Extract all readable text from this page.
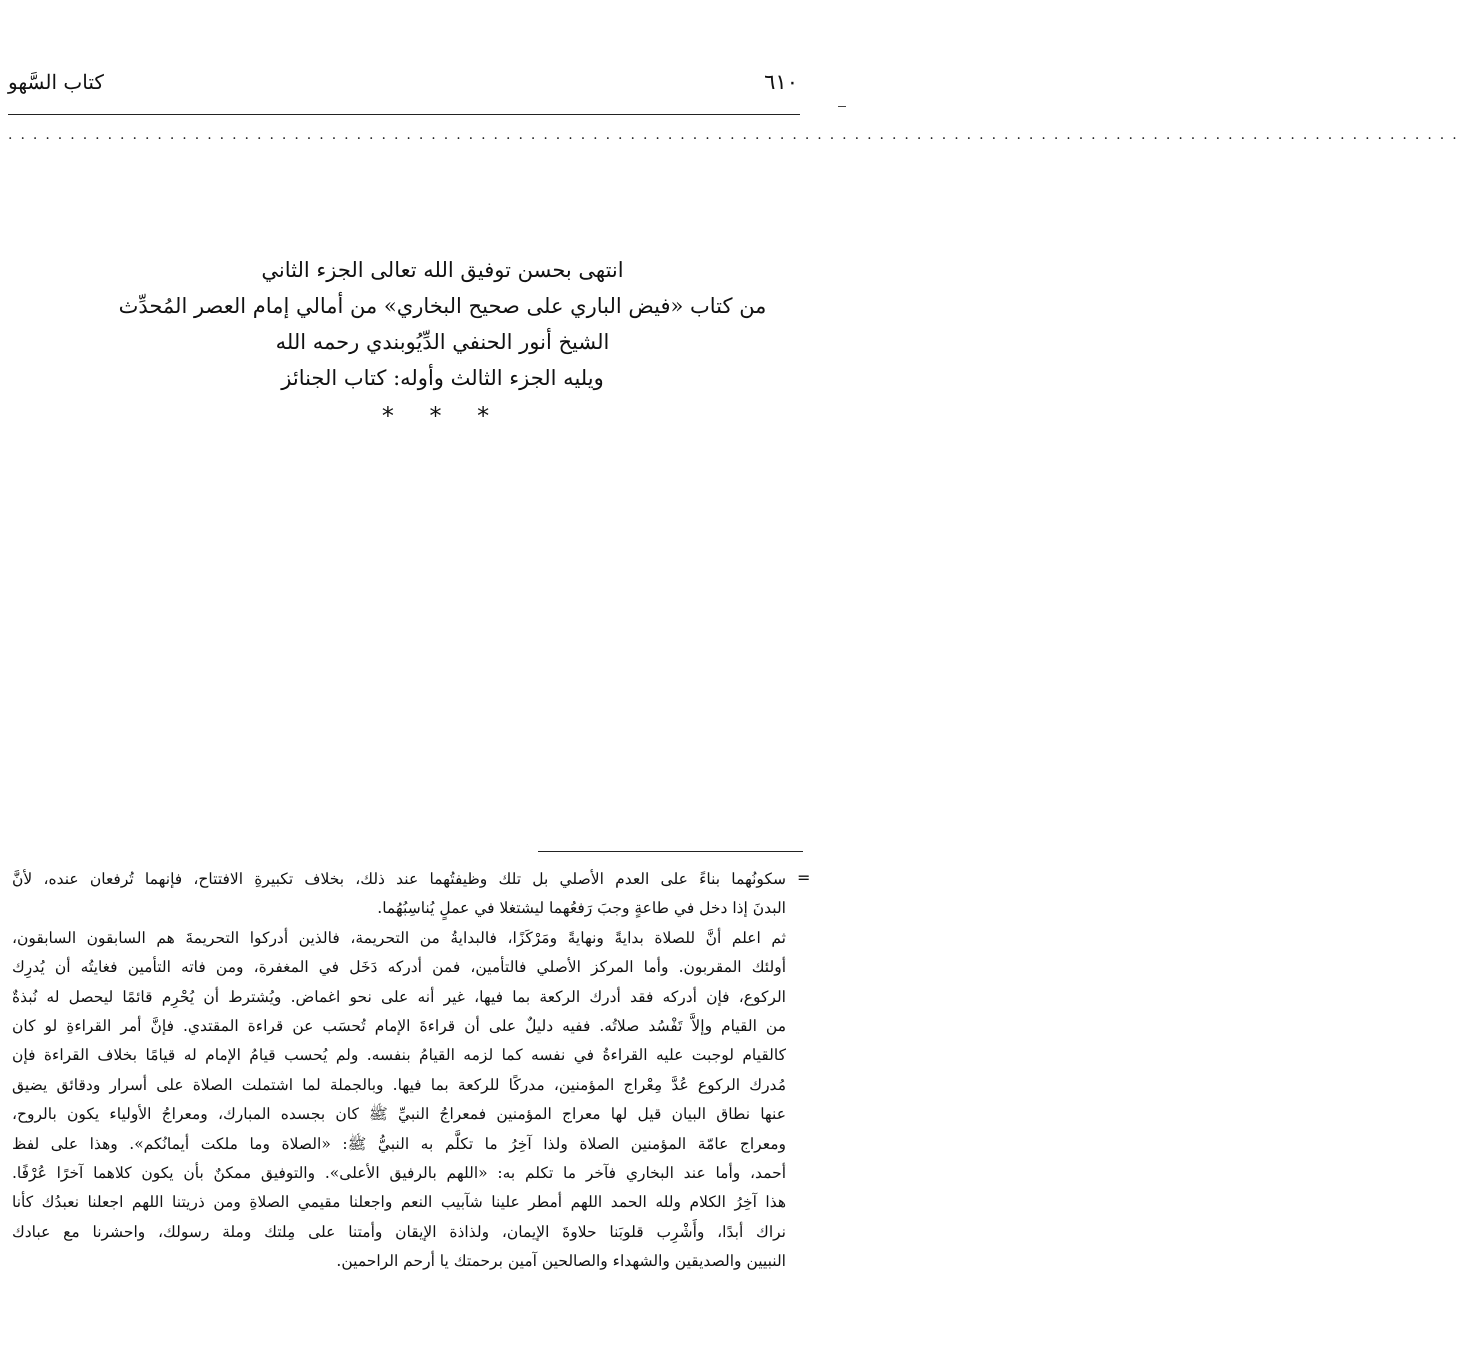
٦١٠
كتاب السَّهو
.....................................................................................................................
انتهى بحسن توفيق الله تعالى الجزء الثاني
من كتاب «فيض الباري على صحيح البخاري» من أمالي إمام العصر المُحدِّث
الشيخ أنور الحنفي الدِّيُوبندي رحمه الله
ويليه الجزء الثالث وأوله: كتاب الجنائز
* * *
=
سكونُهما بناءً على العدم الأصلي بل تلك وظيفتُهما عند ذلك، بخلاف تكبيرةِ الافتتاح، فإنهما تُرفعان عنده، لأنَّ
البدنَ إذا دخل في طاعةٍ وجبَ رَفعُهما ليشتغلا في عملٍ يُناسِبُهُما.
ثم اعلم أنَّ للصلاة بدايةً ونهايةً ومَرْكَزًا، فالبدايةُ من التحريمة، فالذين أدركوا التحريمةَ هم السابقون السابقون،
أولئك المقربون. وأما المركز الأصلي فالتأمين، فمن أدركه دَخَل في المغفرة، ومن فاته التأمين فغايتُه أن يُدرِك
الركوع، فإن أدركه فقد أدرك الركعة بما فيها، غير أنه على نحو اغماض. ويُشترط أن يُحْرِم قائمًا ليحصل له نُبذةٌ
من القيام وإلاَّ تَفْسُد صلاتُه. ففيه دليلٌ على أن قراءةَ الإمام تُحسَب عن قراءة المقتدي. فإنَّ أمر القراءةِ لو كان
كالقيام لوجبت عليه القراءةُ في نفسه كما لزمه القيامُ بنفسه. ولم يُحسب قيامُ الإمام له قيامًا بخلاف القراءة فإن
مُدرك الركوع عُدَّ مِعْراج المؤمنين، مدركًا للركعة بما فيها. وبالجملة لما اشتملت الصلاة على أسرار ودقائق يضيق
عنها نطاق البيان قيل لها معراج المؤمنين فمعراجُ النبيِّ ﷺ كان بجسده المبارك، ومعراجُ الأولياء يكون بالروح،
ومعراج عامّة المؤمنين الصلاة ولذا آخِرُ ما تكلَّم به النبيُّ ﷺ: «الصلاة وما ملكت أيمانُكم». وهذا على لفظ
أحمد، وأما عند البخاري فآخر ما تكلم به: «اللهم بالرفيق الأعلى». والتوفيق ممكنٌ بأن يكون كلاهما آخرًا عُرْفًا.
هذا آخِرُ الكلام ولله الحمد اللهم أمطر علينا شآبيب النعم واجعلنا مقيمي الصلاةِ ومن ذريتنا اللهم اجعلنا نعبدُك كأنا
نراك أبدًا، وأَشْرِب قلوبَنا حلاوةَ الإيمان، ولذاذة الإيقان وأمتنا على مِلتك وملة رسولك، واحشرنا مع عبادك
النبيين والصديقين والشهداء والصالحين آمين برحمتك يا أرحم الراحمين.
